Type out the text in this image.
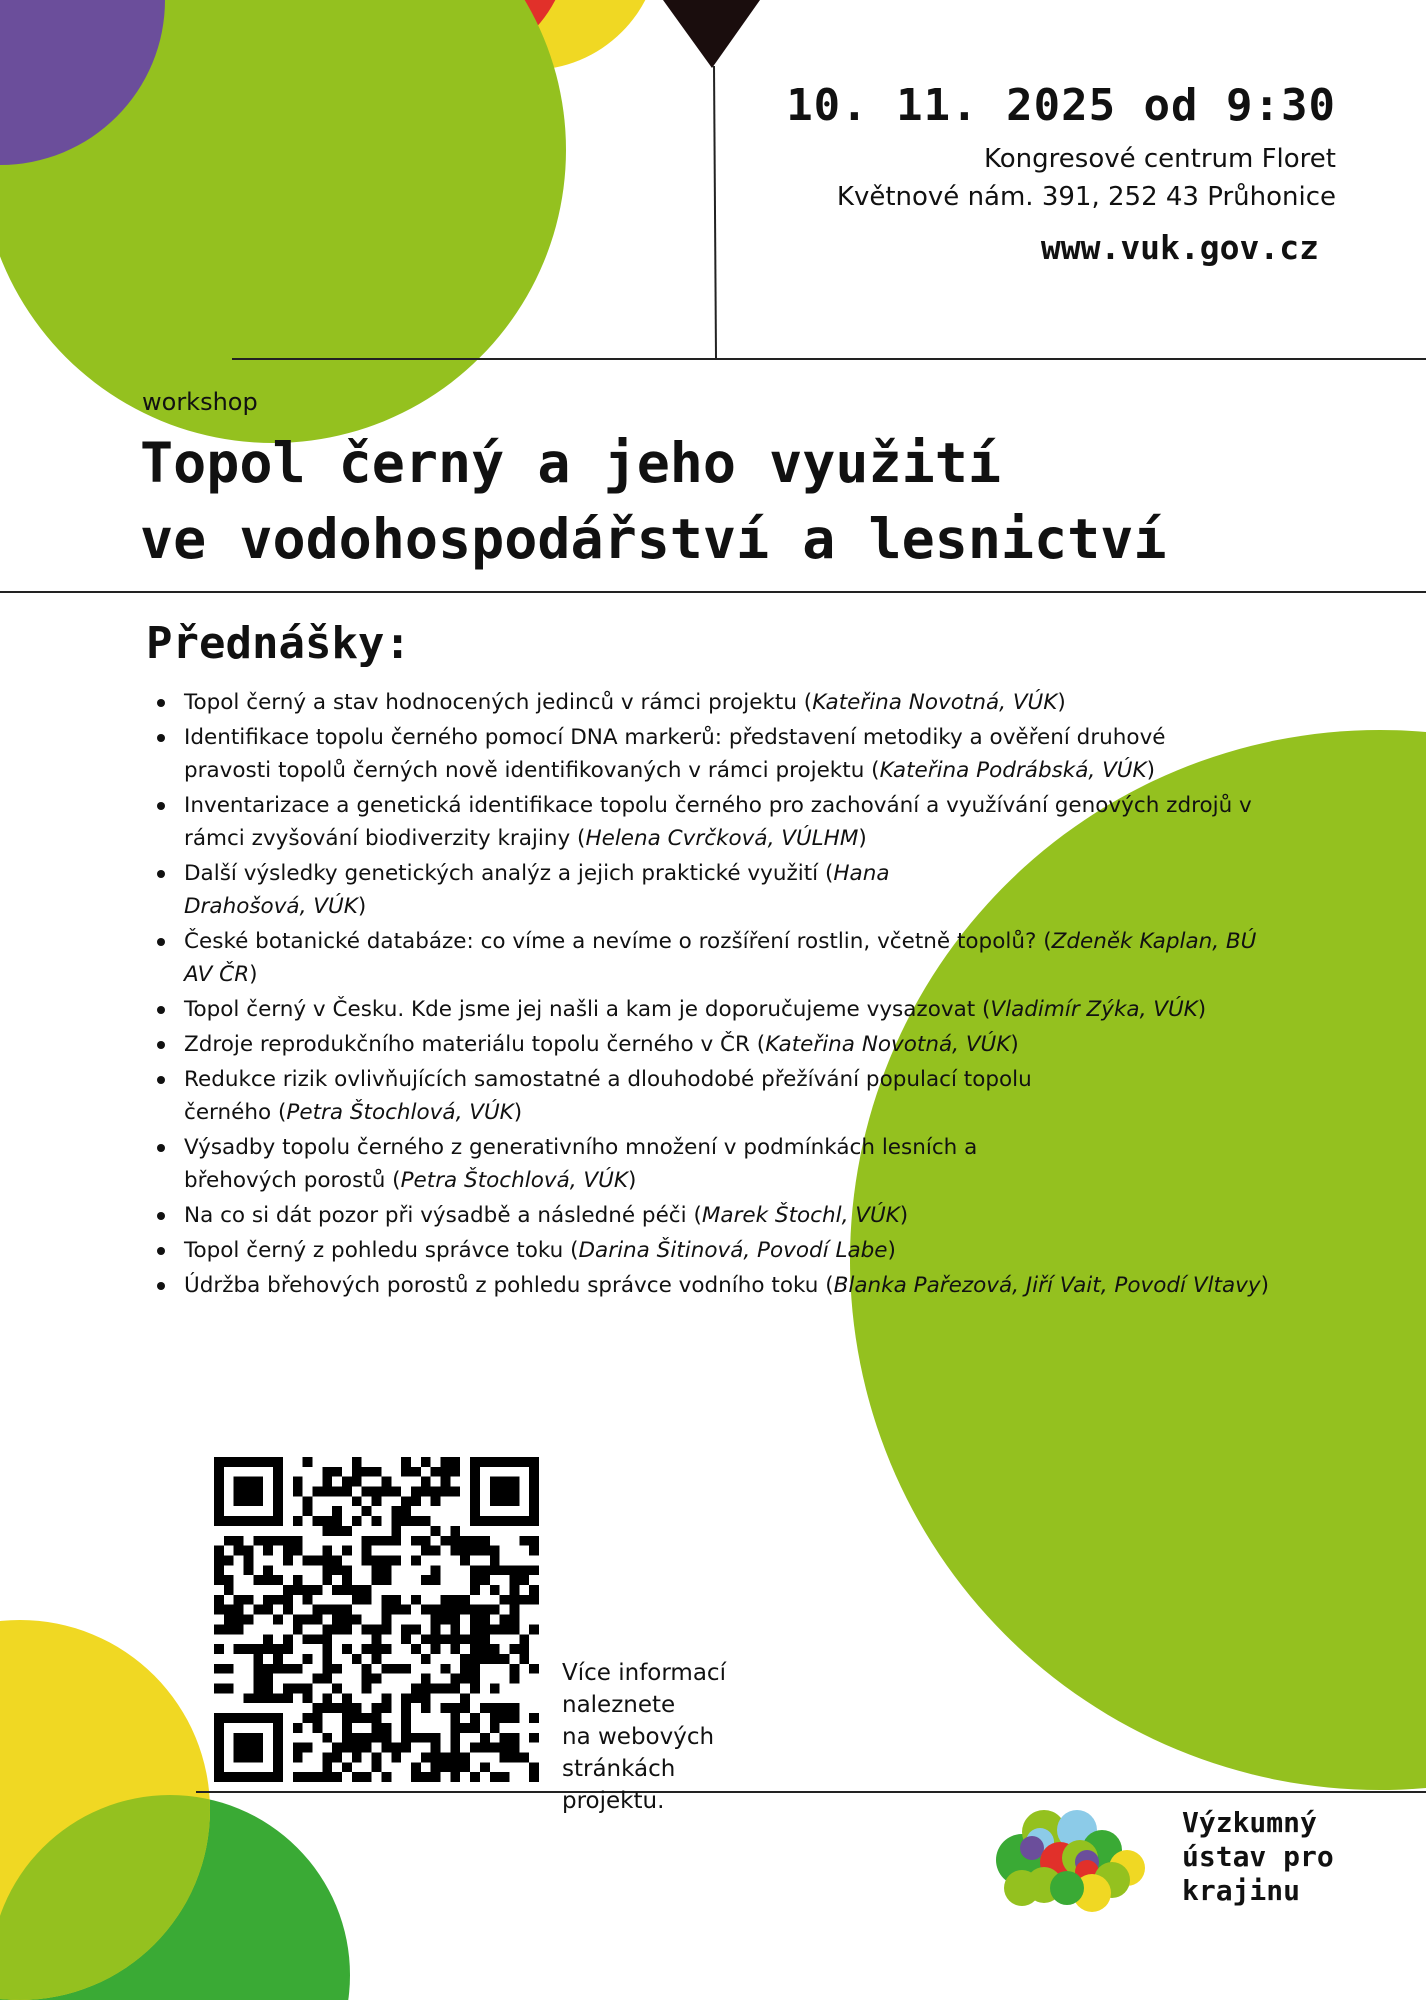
10. 11. 2025 od 9:30
Kongresové centrum Floret
Květnové nám. 391, 252 43 Průhonice
www.vuk.gov.cz
workshop
Topol černý a jeho využití
ve vodohospodářství a lesnictví
Přednášky:
Topol černý a stav hodnocených jedinců v rámci projektu (Kateřina Novotná, VÚK)
Identifikace topolu černého pomocí DNA markerů: představení metodiky a ověření druhové pravosti topolů černých nově identifikovaných v rámci projektu (Kateřina Podrábská, VÚK)
Inventarizace a genetická identifikace topolu černého pro zachování a využívání genových zdrojů v rámci zvyšování biodiverzity krajiny (Helena Cvrčková, VÚLHM)
Další výsledky genetických analýz a jejich praktické využití (Hana Drahošová, VÚK)
České botanické databáze: co víme a nevíme o rozšíření rostlin, včetně topolů? (Zdeněk Kaplan, BÚ AV ČR)
Topol černý v Česku. Kde jsme jej našli a kam je doporučujeme vysazovat (Vladimír Zýka, VÚK)
Zdroje reprodukčního materiálu topolu černého v ČR (Kateřina Novotná, VÚK)
Redukce rizik ovlivňujících samostatné a dlouhodobé přežívání populací topolu černého (Petra Štochlová, VÚK)
Výsadby topolu černého z generativního množení v podmínkách lesních a břehových porostů (Petra Štochlová, VÚK)
Na co si dát pozor při výsadbě a následné péči (Marek Štochl, VÚK)
Topol černý z pohledu správce toku (Darina Šitinová, Povodí Labe)
Údržba břehových porostů z pohledu správce vodního toku (Blanka Pařezová, Jiří Vait, Povodí Vltavy)
Více informací
naleznete
na webových stránkách
projektu.
Výzkumný
ústav pro
krajinu
